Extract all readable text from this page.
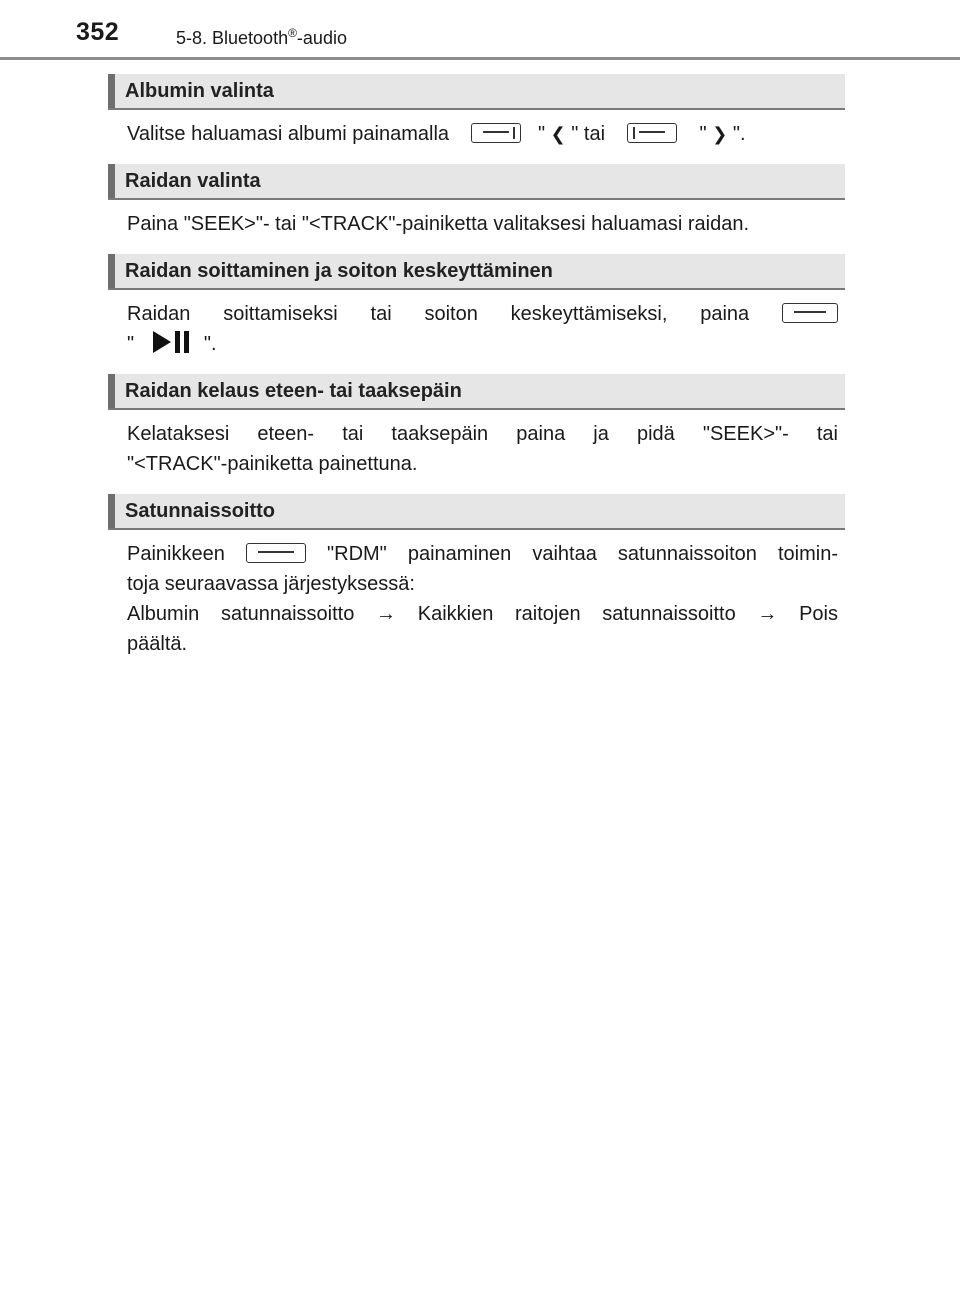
352	5-8. Bluetooth®-audio
Albumin valinta
Valitse haluamasi albumi painamalla	" ❮ " tai	" ❯ ".
Raidan valinta
Paina "SEEK>"- tai "<TRACK"-painiketta valitaksesi haluamasi raidan.
Raidan soittaminen ja soiton keskeyttäminen
Raidan soittamiseksi tai soiton keskeyttämiseksi, paina
"	".
Raidan kelaus eteen- tai taaksepäin
Kelataksesi eteen- tai taaksepäin paina ja pidä "SEEK>"- tai
"<TRACK"-painiketta painettuna.
Satunnaissoitto
Painikkeen	"RDM" painaminen vaihtaa satunnaissoiton toimin-
toja seuraavassa järjestyksessä:
Albumin satunnaissoitto → Kaikkien raitojen satunnaissoitto → Pois
päältä.
